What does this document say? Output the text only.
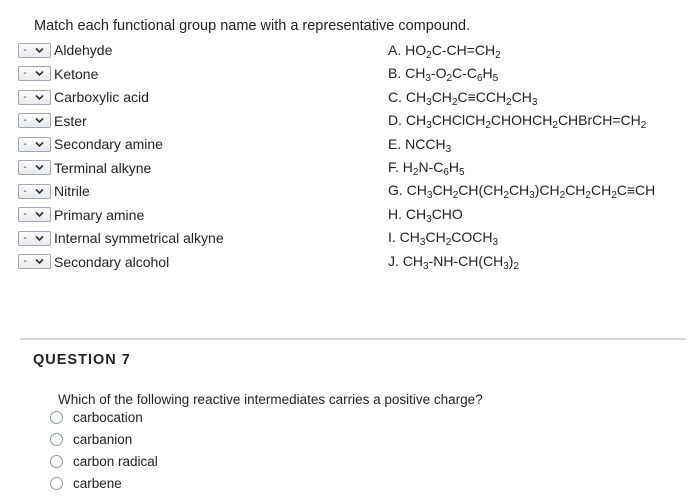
Match each functional group name with a representative compound.
-	Aldehyde
-	Ketone
-	Carboxylic acid
-	Ester
-	Secondary amine
-	Terminal alkyne
-	Nitrile
-	Primary amine
-	Internal symmetrical alkyne
-	Secondary alcohol
A. $HO_2C-CH=CH_2$
B. $CH_3-O_2C-C_6H_5$
C. $CH_3CH_2C\equiv CCH_2CH_3$
D. $CH_3CHClCH_2CHOHCH_2CHBrCH=CH_2$
E. $NCCH_3$
F. $H_2N-C_6H_5$
G. $CH_3CH_2CH(CH_2CH_3)CH_2CH_2CH_2C\equiv CH$
H. $CH_3CHO$
I. $CH_3CH_2COCH_3$
J. $CH_3-NH-CH(CH_3)_2$
QUESTION 7
Which of the following reactive intermediates carries a positive charge?
carbocation
carbanion
carbon radical
carbene
